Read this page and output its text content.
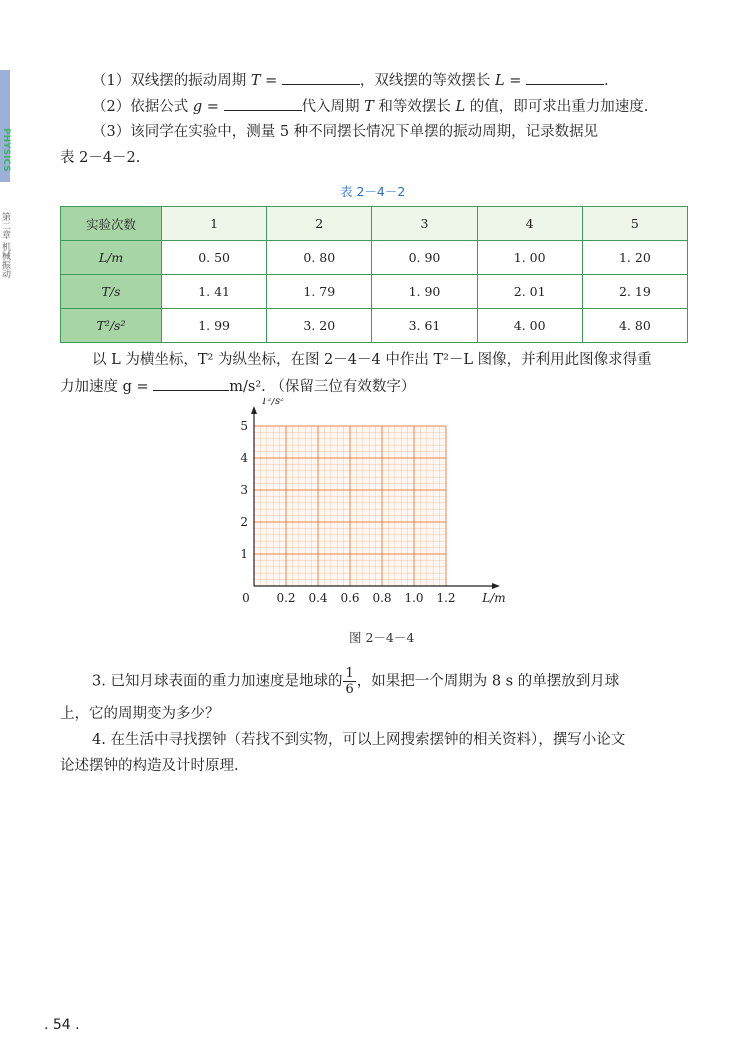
PHYSICS
第二章 机械振动
（1）双线摆的振动周期 T =	，双线摆的等效摆长 L =	.
（2）依据公式 g =	代入周期 T 和等效摆长 L 的值，即可求出重力加速度.
（3）该同学在实验中，测量 5 种不同摆长情况下单摆的振动周期，记录数据见
表 2－4－2.
表 2－4－2
实验次数	1	2	3	4	5
L/m	0. 50	0. 80	0. 90	1. 00	1. 20
T/s	1. 41	1. 79	1. 90	2. 01	2. 19
T²/s²	1. 99	3. 20	3. 61	4. 00	4. 80
以 L 为横坐标，T² 为纵坐标，在图 2－4－4 中作出 T²－L 图像，并利用此图像求得重
力加速度 g =	m/s². （保留三位有效数字）
0.2 0.4 0.6 0.8 1.0 1.2
1
2
3
4
5
0	L/m
T²/s²
图 2－4－4
3. 已知月球表面的重力加速度是地球的 $\frac{1}{6}$ ，如果把一个周期为 8 s 的单摆放到月球
上，它的周期变为多少？
4. 在生活中寻找摆钟（若找不到实物，可以上网搜索摆钟的相关资料），撰写小论文
论述摆钟的构造及计时原理.
. 54 .
